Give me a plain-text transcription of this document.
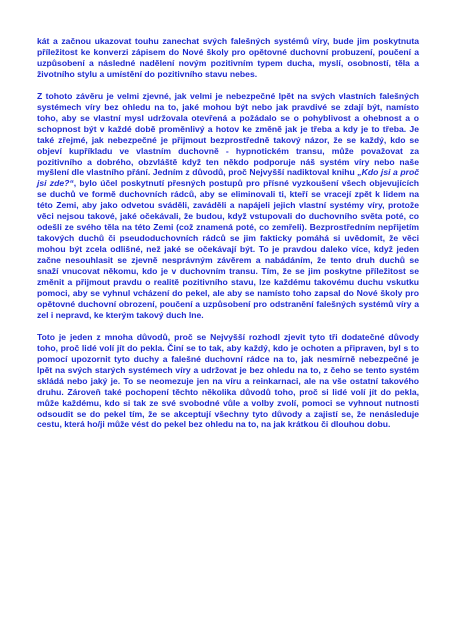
kát a začnou ukazovat touhu zanechat svých falešných systémů víry, bude jim poskytnuta příležitost ke konverzi zápisem do Nové školy pro opětovné duchovní probuzení, poučení a uzpůsobení a následné nadělení novým pozitivním typem ducha, myslí, osobností, těla a životního stylu a umístění do pozitivního stavu nebes.

Z tohoto závěru je velmi zjevné, jak velmi je nebezpečné lpět na svých vlastních falešných systémech víry bez ohledu na to, jaké mohou být nebo jak pravdivé se zdají být, namísto toho, aby se vlastní mysl udržovala otevřená a požádalo se o pohyblivost a ohebnost a o schopnost být v každé době proměnlivý a hotov ke změně jak je třeba a kdy je to třeba. Je také zřejmé, jak nebezpečné je přijmout bezprostředně takový názor, že se každý, kdo se objeví kupříkladu ve vlastním duchovně - hypnotickém transu, může považovat za pozitivního a dobrého, obzvláště když ten někdo podporuje náš systém víry nebo naše myšlení dle vlastního přání. Jedním z důvodů, proč Nejvyšší nadiktoval knihu „Kdo jsi a proč jsi zde?“, bylo účel poskytnutí přesných postupů pro přísné vyzkoušení všech objevujících se duchů ve formě duchovních rádců, aby se eliminovali ti, kteří se vracejí zpět k lidem na této Zemi, aby jako odvetou sváděli, zaváděli a napájeli jejich vlastní systémy víry, protože věci nejsou takové, jaké očekávali, že budou, když vstupovali do duchovního světa poté, co odešli ze svého těla na této Zemi (což znamená poté, co zemřeli). Bezprostředním nepřijetím takových duchů či pseudoduchovních rádců se jim fakticky pomáhá si uvědomit, že věci mohou být zcela odlišné, než jaké se očekávají být. To je pravdou daleko více, když jeden začne nesouhlasit se zjevně nesprávným závěrem a nabádáním, že tento druh duchů se snaží vnucovat někomu, kdo je v duchovním transu. Tím, že se jim poskytne příležitost se změnit a přijmout pravdu o realitě pozitivního stavu, lze každému takovému duchu vskutku pomoci, aby se vyhnul vcházení do pekel, ale aby se namísto toho zapsal do Nové školy pro opětovné duchovní obrození, poučení a uzpůsobení pro odstranění falešných systémů víry a zel i nepravd, ke kterým takový duch lne.

Toto je jeden z mnoha důvodů, proč se Nejvyšší rozhodl zjevit tyto tři dodatečné důvody toho, proč lidé volí jít do pekla. Činí se to tak, aby každý, kdo je ochoten a připraven, byl s to pomocí upozornit tyto duchy a falešné duchovní rádce na to, jak nesmírně nebezpečné je lpět na svých starých systémech víry a udržovat je bez ohledu na to, z čeho se tento systém skládá nebo jaký je. To se neomezuje jen na víru a reinkarnaci, ale na vše ostatní takového druhu. Zároveň také pochopení těchto několika důvodů toho, proč si lidé volí jít do pekla, může každému, kdo si tak ze své svobodné vůle a volby zvolí, pomoci se vyhnout nutnosti odsoudit se do pekel tím, že se akceptují všechny tyto důvody a zajistí se, že nenásleduje cestu, která ho/ji může vést do pekel bez ohledu na to, na jak krátkou či dlouhou dobu.
